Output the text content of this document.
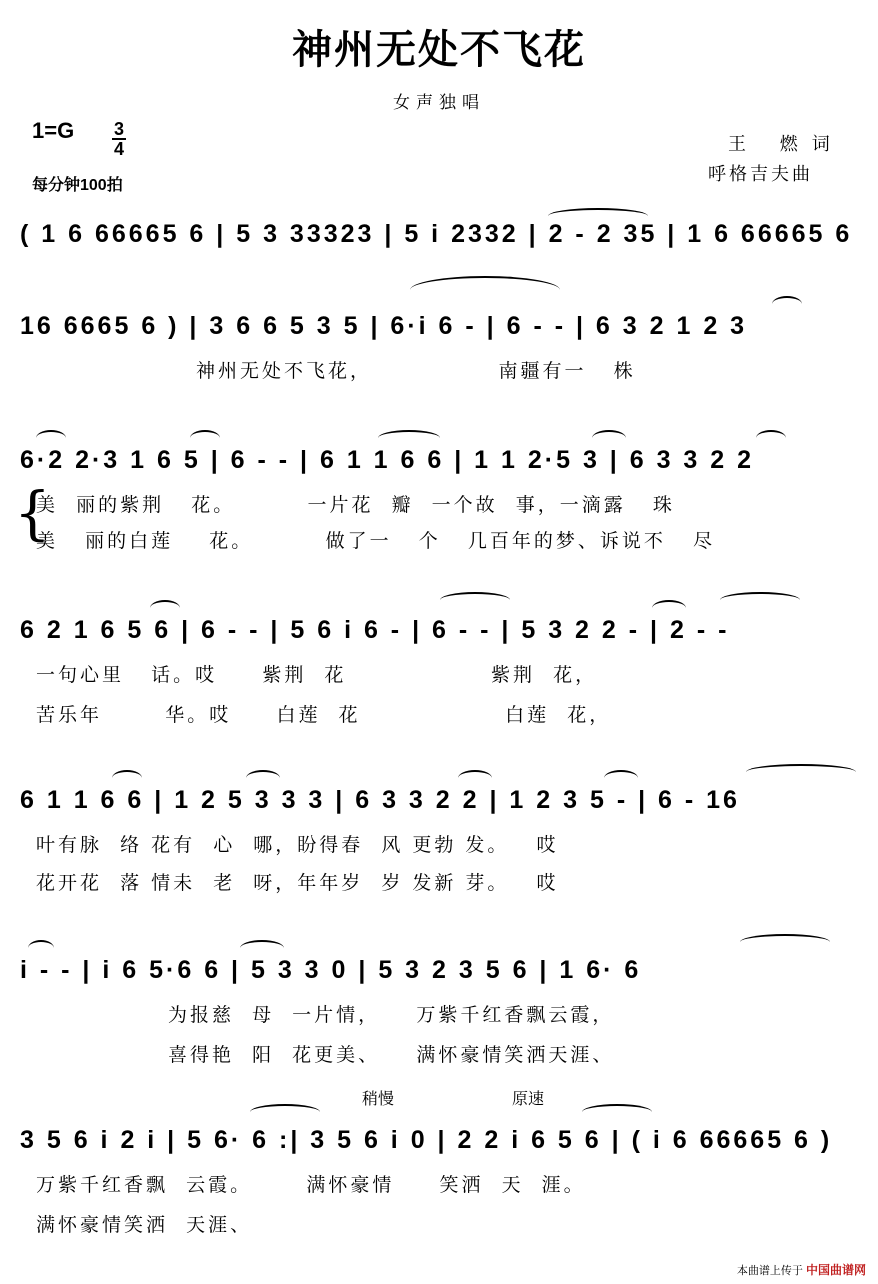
神州无处不飞花
女声独唱
$1=G \frac{3}{4}$
每分钟100拍
王 燃词
呼格吉夫曲
( 1 6 66665 6 | 5 3 33323 | 5 i 2332 | 2 - 2 35 | 1 6 66665 6
16 6665 6 ) | 3 6 6 5 3 5 | 6·i 6 - | 6 - - | 6 3 2 1 2 3
神州无处不飞花，              南疆有一   株
6·2 2·3 1 6 5 | 6 - - | 6 1 1 6 6 | 1 1 2·5 3 | 6 3 3 2 2
{
美  丽的紫荆   花。        一片花  瓣  一个故  事，一滴露   珠
美   丽的白莲    花。        做了一   个   几百年的梦、诉说不   尽
6 2 1 6 5 6 | 6 - - | 5 6 i 6 - | 6 - - | 5 3 2 2 - | 2 - -
一句心里   话。哎     紫荆  花                紫荆  花，
苦乐年       华。哎     白莲  花                白莲  花，
6 1 1 6 6 | 1 2 5 3 3 3 | 6 3 3 2 2 | 1 2 3 5 - | 6 - 16
叶有脉  络 花有  心  哪，盼得春  风 更勃 发。   哎
花开花  落 情未  老  呀，年年岁  岁 发新 芽。   哎
i - - | i 6 5·6 6 | 5 3 3 0 | 5 3 2 3 5 6 | 1 6· 6
为报慈  母  一片情，    万紫千红香飘云霞，
喜得艳  阳  花更美、    满怀豪情笑洒天涯、
稍慢	原速
3 5 6 i 2 i | 5 6· 6 :| 3 5 6 i 0 | 2 2 i 6 5 6 | ( i 6 66665 6 )
万紫千红香飘  云霞。      满怀豪情     笑洒  天  涯。
满怀豪情笑洒  天涯、
本曲谱上传于 中国曲谱网
